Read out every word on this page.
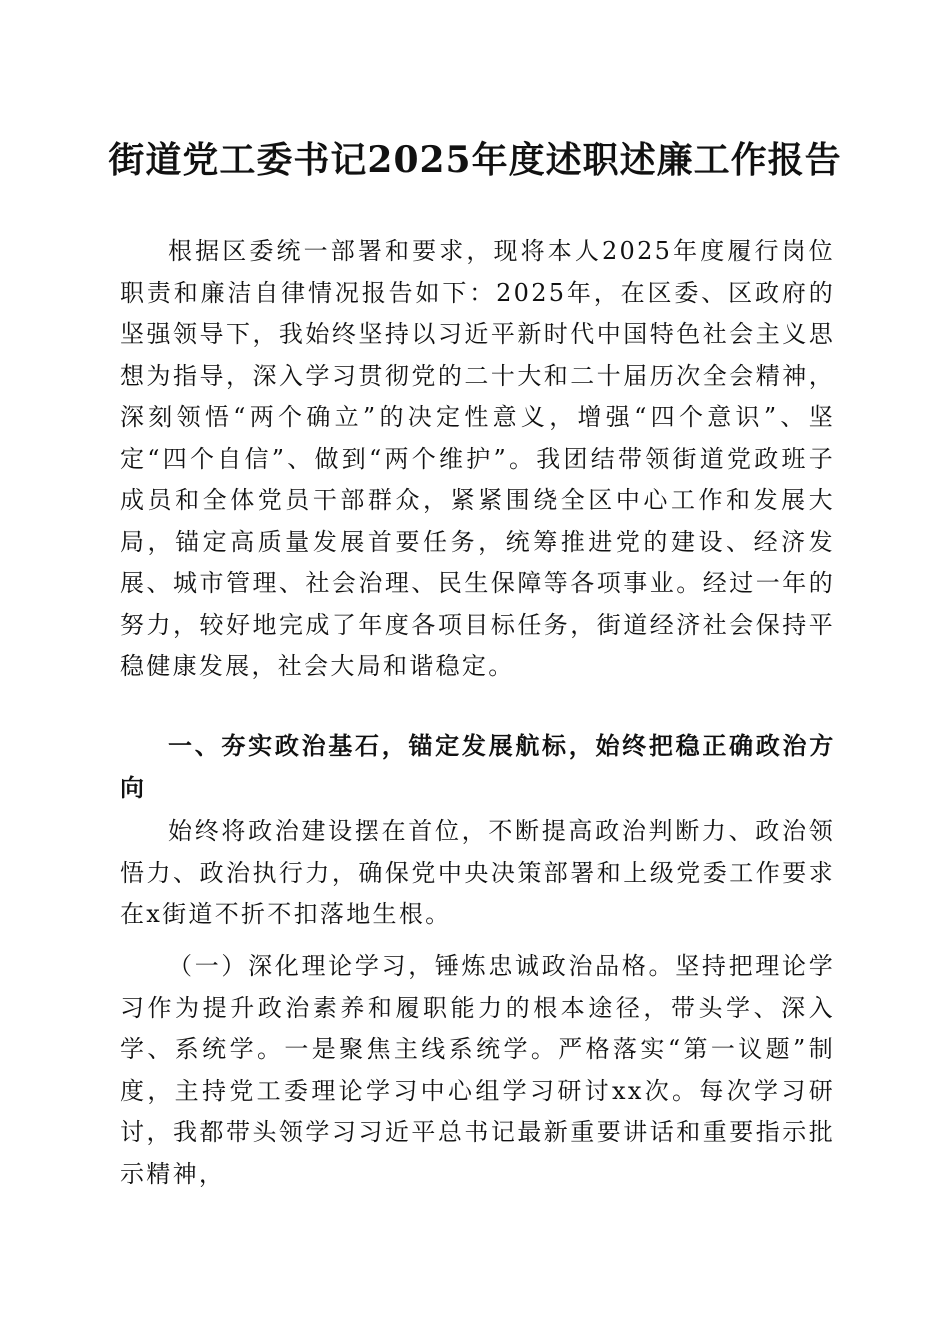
街道党工委书记2025年度述职述廉工作报告

根据区委统一部署和要求，现将本人2025年度履行岗位职责和廉洁自律情况报告如下：2025年，在区委、区政府的坚强领导下，我始终坚持以习近平新时代中国特色社会主义思想为指导，深入学习贯彻党的二十大和二十届历次全会精神，深刻领悟“两个确立”的决定性意义，增强“四个意识”、坚定“四个自信”、做到“两个维护”。我团结带领街道党政班子成员和全体党员干部群众，紧紧围绕全区中心工作和发展大局，锚定高质量发展首要任务，统筹推进党的建设、经济发展、城市管理、社会治理、民生保障等各项事业。经过一年的努力，较好地完成了年度各项目标任务，街道经济社会保持平稳健康发展，社会大局和谐稳定。

一、夯实政治基石，锚定发展航标，始终把稳正确政治方向

始终将政治建设摆在首位，不断提高政治判断力、政治领悟力、政治执行力，确保党中央决策部署和上级党委工作要求在x街道不折不扣落地生根。

（一）深化理论学习，锤炼忠诚政治品格。坚持把理论学习作为提升政治素养和履职能力的根本途径，带头学、深入学、系统学。一是聚焦主线系统学。严格落实“第一议题”制度，主持党工委理论学习中心组学习研讨xx次。每次学习研讨，我都带头领学习习近平总书记最新重要讲话和重要指示批示精神，
